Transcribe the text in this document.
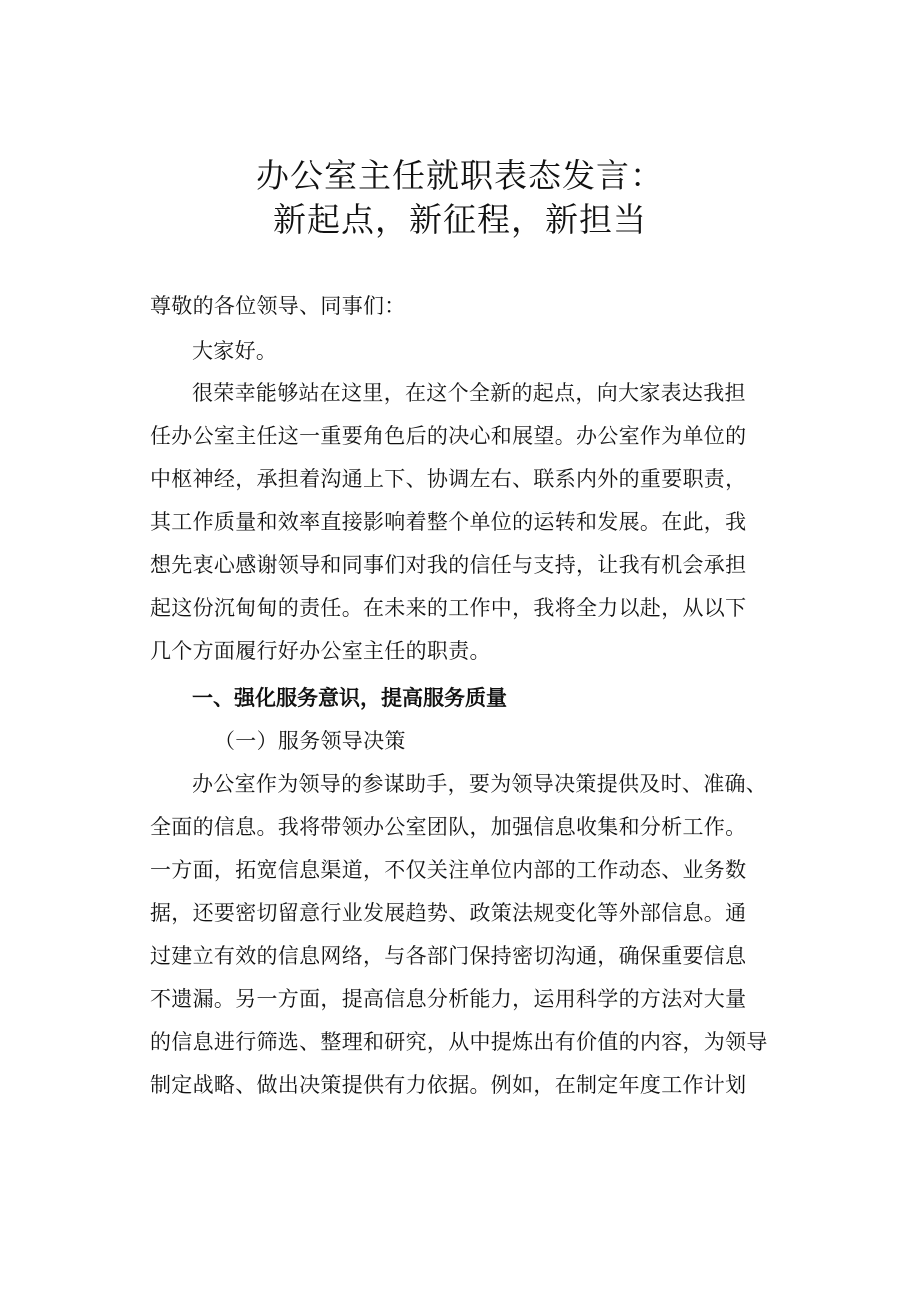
办公室主任就职表态发言：
新起点，新征程，新担当

尊敬的各位领导、同事们：

大家好。

很荣幸能够站在这里，在这个全新的起点，向大家表达我担

任办公室主任这一重要角色后的决心和展望。办公室作为单位的

中枢神经，承担着沟通上下、协调左右、联系内外的重要职责，

其工作质量和效率直接影响着整个单位的运转和发展。在此，我

想先衷心感谢领导和同事们对我的信任与支持，让我有机会承担

起这份沉甸甸的责任。在未来的工作中，我将全力以赴，从以下

几个方面履行好办公室主任的职责。

一、强化服务意识，提高服务质量

（一）服务领导决策

办公室作为领导的参谋助手，要为领导决策提供及时、准确、

全面的信息。我将带领办公室团队，加强信息收集和分析工作。

一方面，拓宽信息渠道，不仅关注单位内部的工作动态、业务数

据，还要密切留意行业发展趋势、政策法规变化等外部信息。通

过建立有效的信息网络，与各部门保持密切沟通，确保重要信息

不遗漏。另一方面，提高信息分析能力，运用科学的方法对大量

的信息进行筛选、整理和研究，从中提炼出有价值的内容，为领导

制定战略、做出决策提供有力依据。例如，在制定年度工作计划
